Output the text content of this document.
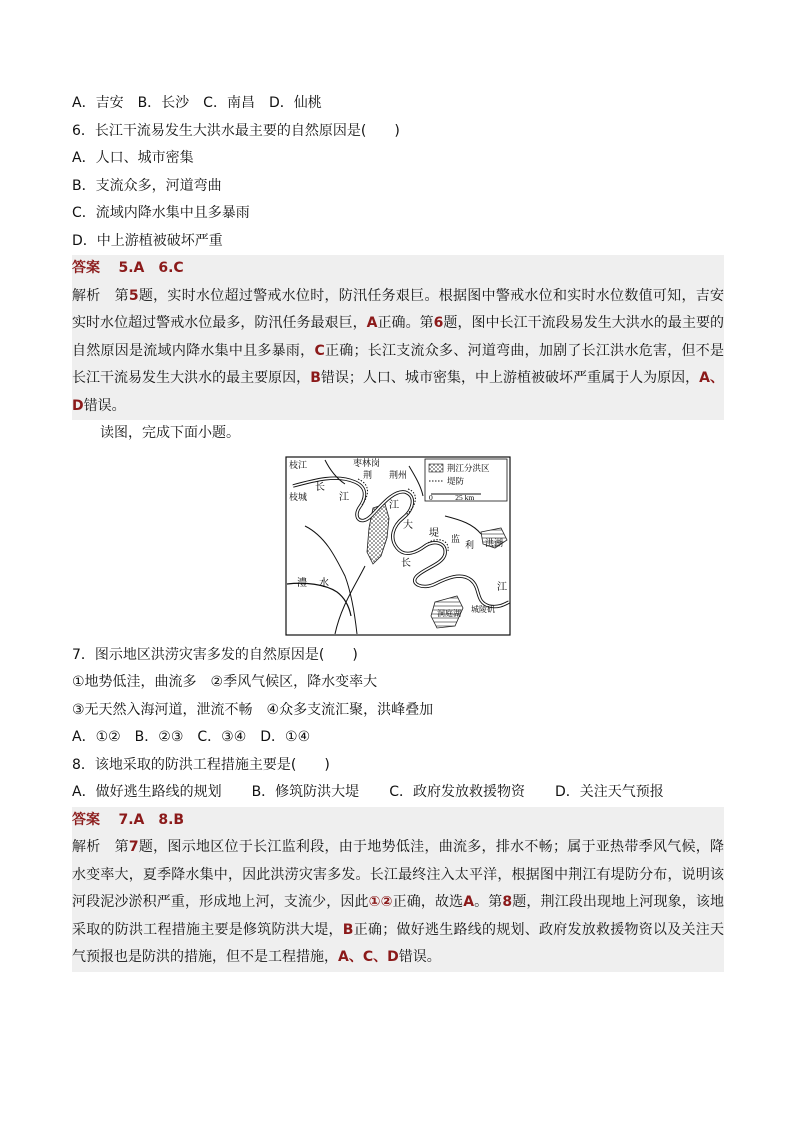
A．吉安　B．长沙　C．南昌　D．仙桃
6．长江干流易发生大洪水最主要的自然原因是(　　)
A．人口、城市密集
B．支流众多，河道弯曲
C．流域内降水集中且多暴雨
D．中上游植被破坏严重
答案 5.A　6.C
解析 第5题，实时水位超过警戒水位时，防汛任务艰巨。根据图中警戒水位和实时水位数值可知，吉安实时水位超过警戒水位最多，防汛任务最艰巨，A正确。第6题，图中长江干流段易发生大洪水的最主要的自然原因是流域内降水集中且多暴雨，C正确；长江支流众多、河道弯曲，加剧了长江洪水危害，但不是长江干流易发生大洪水的最主要原因，B错误；人口、城市密集，中上游植被破坏严重属于人为原因，A、D错误。
读图，完成下面小题。
枝江	枣林岗
荆 荆州
枝城
长
江
江
大
堤 监
利 洪湖
长
江
澧 水
洞庭湖 城陵矶
荆江分洪区
堤防
0　　　25 km
7．图示地区洪涝灾害多发的自然原因是(　　)
①地势低洼，曲流多　②季风气候区，降水变率大
③无天然入海河道，泄流不畅　④众多支流汇聚，洪峰叠加
A．①②　B．②③　C．③④　D．①④
8．该地采取的防洪工程措施主要是(　　)
A．做好逃生路线的规划 B．修筑防洪大堤 C．政府发放救援物资 D．关注天气预报
答案 7.A　8.B
解析 第7题，图示地区位于长江监利段，由于地势低洼，曲流多，排水不畅；属于亚热带季风气候，降水变率大，夏季降水集中，因此洪涝灾害多发。长江最终注入太平洋，根据图中荆江有堤防分布，说明该河段泥沙淤积严重，形成地上河，支流少，因此①②正确，故选A。第8题，荆江段出现地上河现象，该地采取的防洪工程措施主要是修筑防洪大堤，B正确；做好逃生路线的规划、政府发放救援物资以及关注天气预报也是防洪的措施，但不是工程措施，A、C、D错误。
